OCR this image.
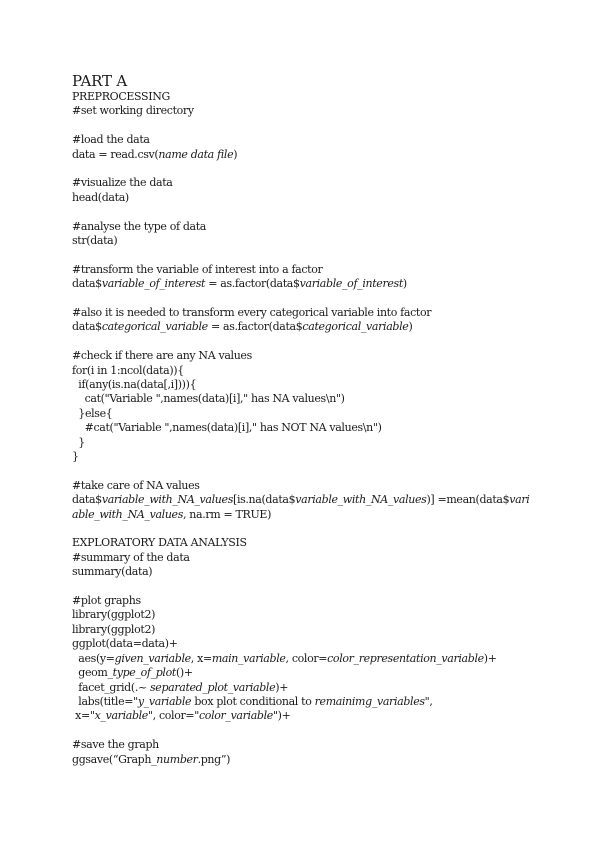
PART A
PREPROCESSING
#set working directory
#load the data
data = read.csv(name data file)
#visualize the data
head(data)
#analyse the type of data
str(data)
#transform the variable of interest into a factor
data$variable_of_interest = as.factor(data$variable_of_interest)
#also it is needed to transform every categorical variable into factor
data$categorical_variable = as.factor(data$categorical_variable)
#check if there are any NA values
for(i in 1:ncol(data)){
if(any(is.na(data[,i]))){
cat("Variable ",names(data)[i]," has NA values\n")
}else{
#cat("Variable ",names(data)[i]," has NOT NA values\n")
}
}
#take care of NA values
data$variable_with_NA_values[is.na(data$variable_with_NA_values)] =mean(data$vari
able_with_NA_values, na.rm = TRUE)
EXPLORATORY DATA ANALYSIS
#summary of the data
summary(data)
#plot graphs
library(ggplot2)
library(ggplot2)
ggplot(data=data)+
aes(y=given_variable, x=main_variable, color=color_representation_variable)+
geom_type_of_plot()+
facet_grid(.~ separated_plot_variable)+
labs(title="y_variable box plot conditional to remainimg_variables",
x="x_variable", color="color_variable")+
#save the graph
ggsave(“Graph_number.png”)
